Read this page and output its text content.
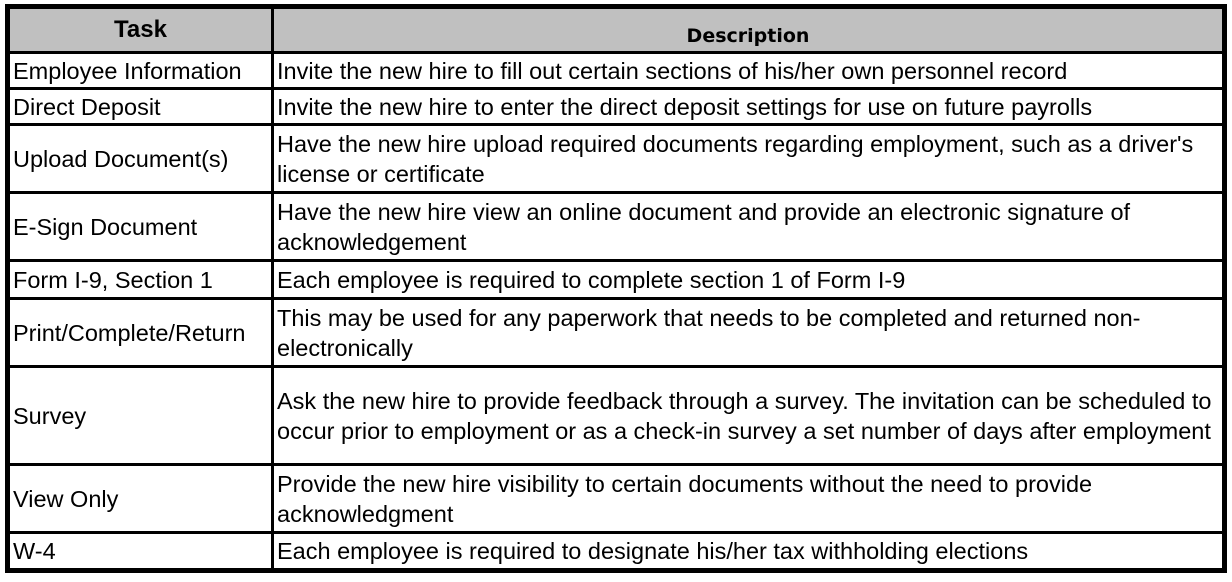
Task	Description
Employee Information	Invite the new hire to fill out certain sections of his/her own personnel record
Direct Deposit	Invite the new hire to enter the direct deposit settings for use on future payrolls
Upload Document(s)	Have the new hire upload required documents regarding employment, such as a driver's license or certificate
E-Sign Document	Have the new hire view an online document and provide an electronic signature of acknowledgement
Form I-9, Section 1	Each employee is required to complete section 1 of Form I-9
Print/Complete/Return	This may be used for any paperwork that needs to be completed and returned non-electronically
Survey	Ask the new hire to provide feedback through a survey. The invitation can be scheduled to occur prior to employment or as a check-in survey a set number of days after employment
View Only	Provide the new hire visibility to certain documents without the need to provide acknowledgment
W-4	Each employee is required to designate his/her tax withholding elections
